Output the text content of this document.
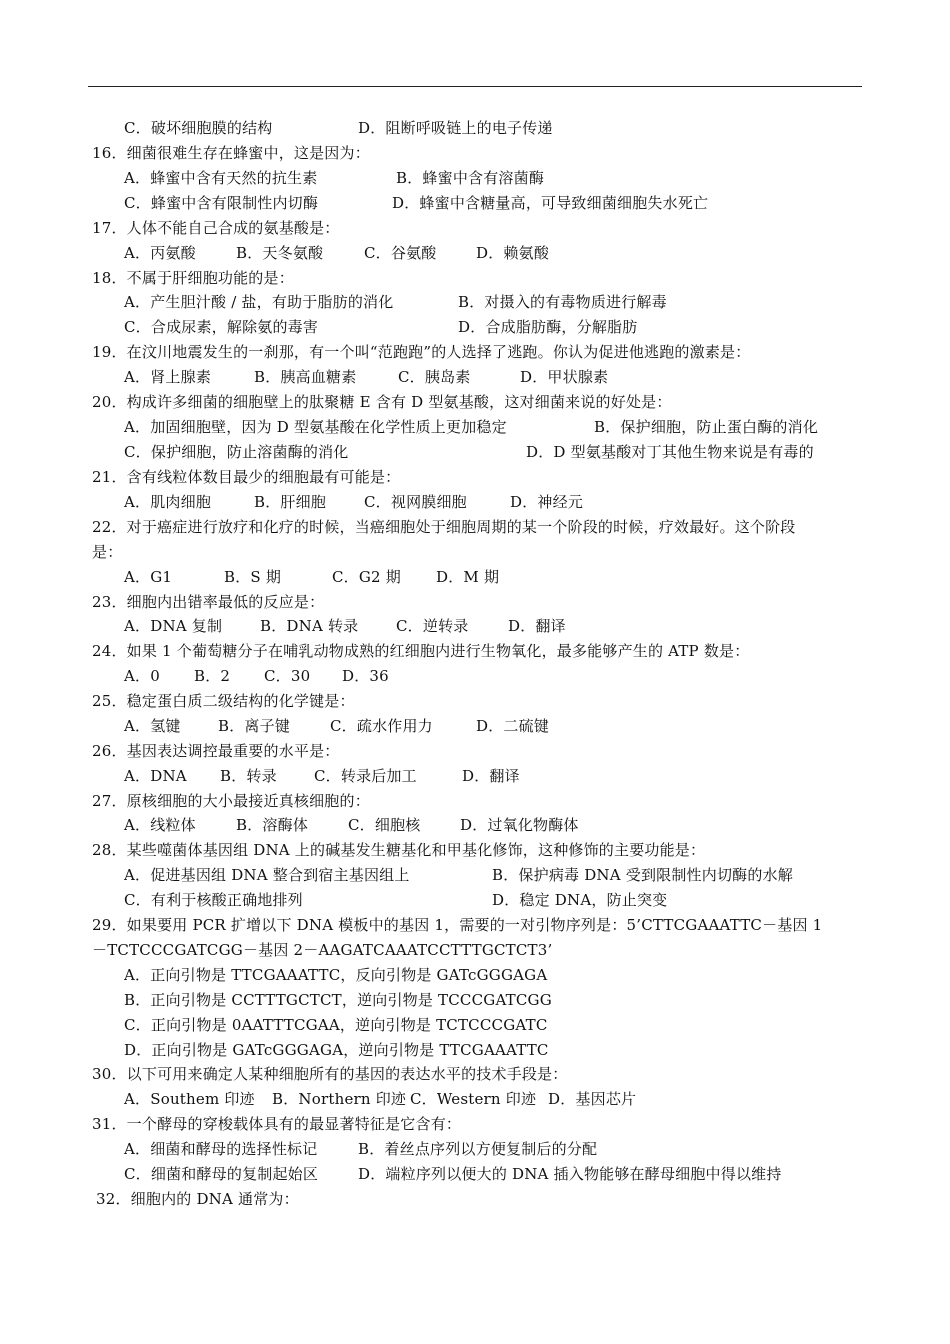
C．破坏细胞膜的结构

	D．阻断呼吸链上的电子传递

16．细菌很难生存在蜂蜜中，这是因为：

A．蜂蜜中含有天然的抗生素

	B．蜂蜜中含有溶菌酶

C．蜂蜜中含有限制性内切酶

	D．蜂蜜中含糖量高，可导致细菌细胞失水死亡

17．人体不能自己合成的氨基酸是：

A．丙氨酸

	B．天冬氨酸

	C．谷氨酸

	D．赖氨酸

18．不属于肝细胞功能的是：

A．产生胆汁酸 / 盐，有助于脂肪的消化

	B．对摄入的有毒物质进行解毒

C．合成尿素，解除氨的毒害

	D．合成脂肪酶，分解脂肪

19．在汶川地震发生的一刹那，有一个叫“范跑跑”的人选择了逃跑。你认为促进他逃跑的激素是：

A．肾上腺素

	B．胰高血糖素

	C．胰岛素

	D．甲状腺素

20．构成许多细菌的细胞壁上的肽聚糖 E 含有 D 型氨基酸，这对细菌来说的好处是：

A．加固细胞壁，因为 D 型氨基酸在化学性质上更加稳定

	B．保护细胞，防止蛋白酶的消化

C．保护细胞，防止溶菌酶的消化

	D．D 型氨基酸对丁其他生物来说是有毒的

21．含有线粒体数目最少的细胞最有可能是：

A．肌肉细胞

	B．肝细胞

	C．视网膜细胞

	D．神经元

22．对于癌症进行放疗和化疗的时候，当癌细胞处于细胞周期的某一个阶段的时候，疗效最好。这个阶段
是：

A．G1

	B．S 期

	C．G2 期

D．M 期

23．细胞内出错率最低的反应是：

A．DNA 复制

	B．DNA 转录

	C．逆转录

	D．翻译

24．如果 1 个葡萄糖分子在哺乳动物成熟的红细胞内进行生物氧化，最多能够产生的 ATP 数是：

A．0

B．2

C．30

D．36

25．稳定蛋白质二级结构的化学键是：

A．氢键

B．离子键

	C．疏水作用力

	D．二硫键

26．基因表达调控最重要的水平是：

A．DNA

B．转录

C．转录后加工

	D．翻译

27．原核细胞的大小最接近真核细胞的：

A．线粒体

	B．溶酶体

	C．细胞核

	D．过氧化物酶体

28．某些噬菌体基因组 DNA 上的碱基发生糖基化和甲基化修饰，这种修饰的主要功能是：

A．促进基因组 DNA 整合到宿主基因组上

	B．保护病毒 DNA 受到限制性内切酶的水解

C．有利于核酸正确地排列

	D．稳定 DNA，防止突变

29．如果要用 PCR 扩增以下 DNA 模板中的基因 1，需要的一对引物序列是：5’CTTCGAAATTC－基因 1
－TCTCCCGATCGG－基因 2－AAGATCAAATCCTTTGCTCT3’
A．正向引物是 TTCGAAATTC，反向引物是 GATcGGGAGA
B．正向引物是 CCTTTGCTCT，逆向引物是 TCCCGATCGG
C．正向引物是 0AATTTCGAA，逆向引物是 TCTCCCGATC
D．正向引物是 GATcGGGAGA，逆向引物是 TTCGAAATTC
30．以下可用来确定人某种细胞所有的基因的表达水平的技术手段是：

A．Southem 印迹

B．Northern 印迹

C．Western 印迹

D．基因芯片

31．一个酵母的穿梭载体具有的最显著特征是它含有：

A．细菌和酵母的选择性标记

	B．着丝点序列以方便复制后的分配

C．细菌和酵母的复制起始区

	D．端粒序列以便大的 DNA 插入物能够在酵母细胞中得以维持

32．细胞内的 DNA 通常为：
